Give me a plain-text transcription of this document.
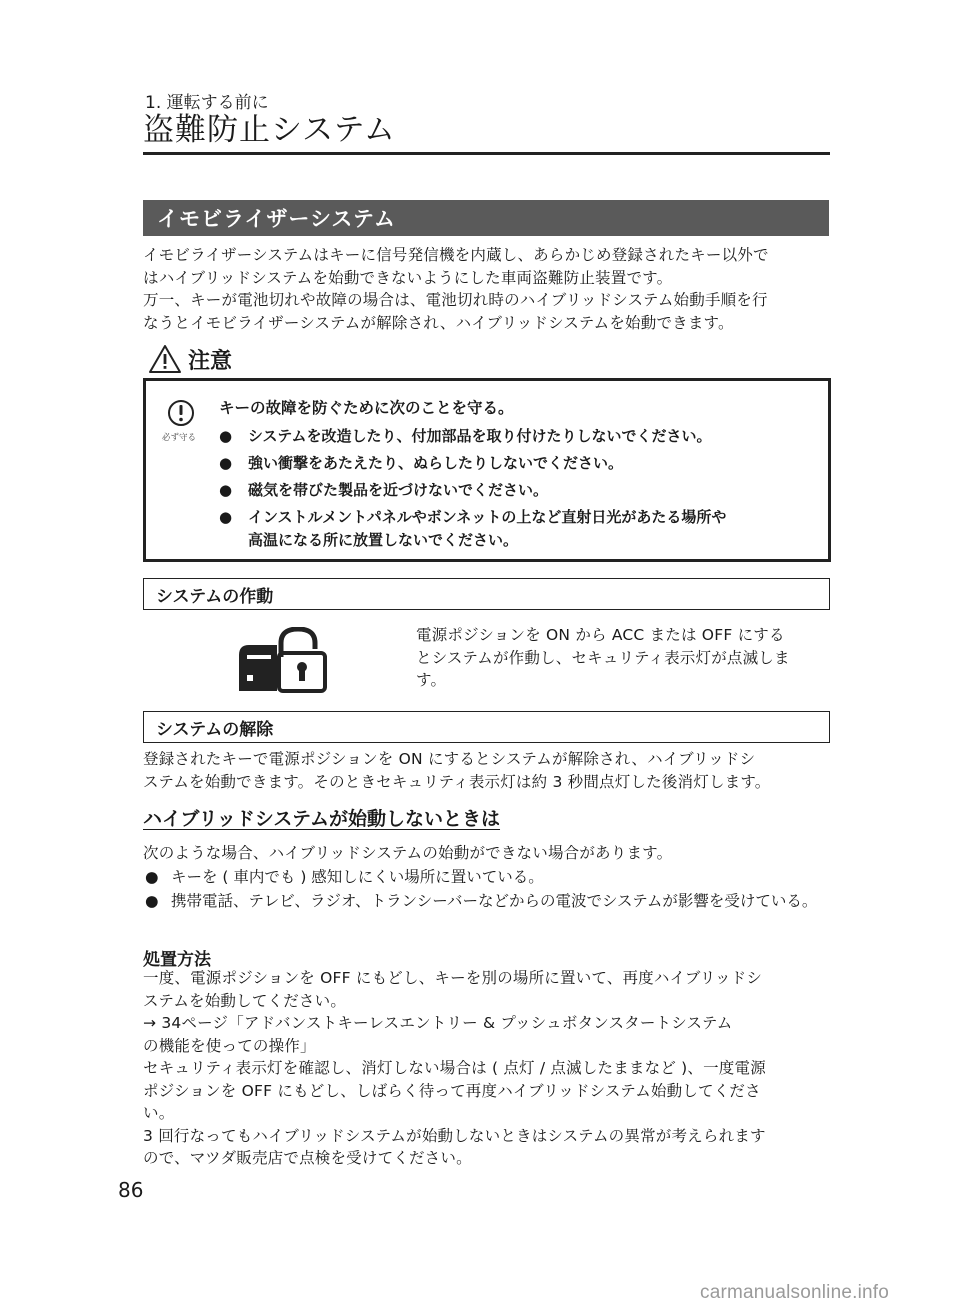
1. 運転する前に
盗難防止システム
イモビライザーシステム

イモビライザーシステムはキーに信号発信機を内蔵し、あらかじめ登録されたキー以外で

はハイブリッドシステムを始動できないようにした車両盗難防止装置です。

万一、キーが電池切れや故障の場合は、電池切れ時のハイブリッドシステム始動手順を行

なうとイモビライザーシステムが解除され、ハイブリッドシステムを始動できます。

注意
必ず守る
キーの故障を防ぐために次のことを守る。
● システムを改造したり、付加部品を取り付けたりしないでください。
● 強い衝撃をあたえたり、ぬらしたりしないでください。
● 磁気を帯びた製品を近づけないでください。
● インストルメントパネルやボンネットの上など直射日光があたる場所や
高温になる所に放置しないでください。
システムの作動

電源ポジションを ON から ACC または OFF にする

とシステムが作動し、セキュリティ表示灯が点滅しま

す。

システムの解除

登録されたキーで電源ポジションを ON にするとシステムが解除され、ハイブリッドシ

ステムを始動できます。そのときセキュリティ表示灯は約 3 秒間点灯した後消灯します。

ハイブリッドシステムが始動しないときは
次のような場合、ハイブリッドシステムの始動ができない場合があります。
● キーを ( 車内でも ) 感知しにくい場所に置いている。
● 携帯電話、テレビ、ラジオ、トランシーバーなどからの電波でシステムが影響を受けている。
処置方法

一度、電源ポジションを OFF にもどし、キーを別の場所に置いて、再度ハイブリッドシ

ステムを始動してください。

→ 34ページ「アドバンストキーレスエントリー & プッシュボタンスタートシステム

の機能を使っての操作」

セキュリティ表示灯を確認し、消灯しない場合は ( 点灯 / 点滅したままなど )、一度電源

ポジションを OFF にもどし、しばらく待って再度ハイブリッドシステム始動してくださ

い。

3 回行なってもハイブリッドシステムが始動しないときはシステムの異常が考えられます

ので、マツダ販売店で点検を受けてください。

86
carmanualsonline.info
